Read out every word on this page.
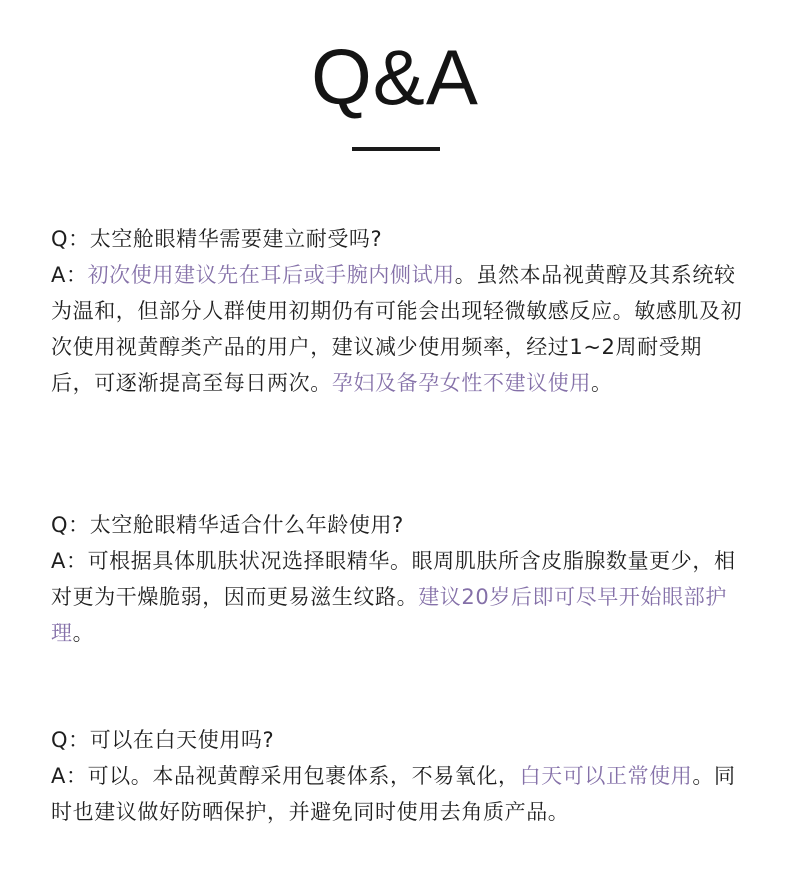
Q&A

Q：太空舱眼精华需要建立耐受吗?

A：初次使用建议先在耳后或手腕内侧试用。虽然本品视黄醇及其系统较为温和，但部分人群使用初期仍有可能会出现轻微敏感反应。敏感肌及初次使用视黄醇类产品的用户，建议减少使用频率，经过1~2周耐受期后，可逐渐提高至每日两次。孕妇及备孕女性不建议使用。

Q：太空舱眼精华适合什么年龄使用?

A：可根据具体肌肤状况选择眼精华。眼周肌肤所含皮脂腺数量更少，相对更为干燥脆弱，因而更易滋生纹路。建议20岁后即可尽早开始眼部护理。

Q：可以在白天使用吗?

A：可以。本品视黄醇采用包裹体系，不易氧化，白天可以正常使用。同时也建议做好防晒保护，并避免同时使用去角质产品。
